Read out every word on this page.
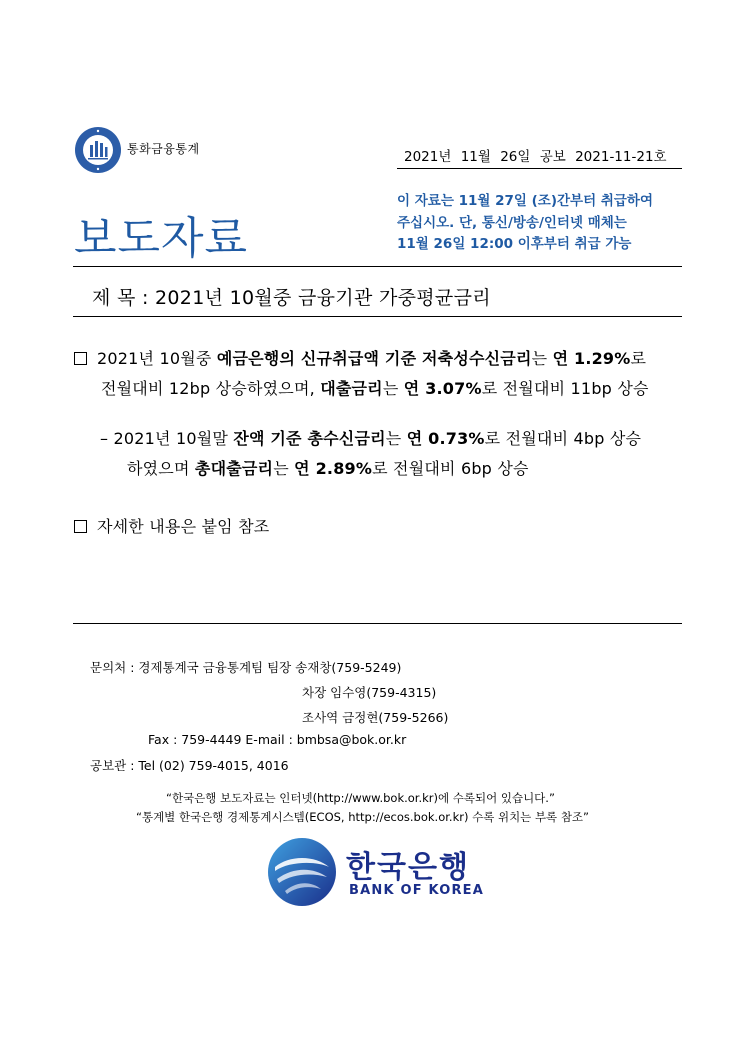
통화금융통계	2021년 11월 26일 공보 2021-11-21호
보도자료
이 자료는 11월 27일 (조)간부터 취급하여
주십시오. 단, 통신/방송/인터넷 매체는
11월 26일 12:00 이후부터 취급 가능
제 목 : 2021년 10월중 금융기관 가중평균금리
2021년 10월중 예금은행의 신규취급액 기준 저축성수신금리는 연 1.29%로
전월대비 12bp 상승하였으며, 대출금리는 연 3.07%로 전월대비 11bp 상승
– 2021년 10월말 잔액 기준 총수신금리는 연 0.73%로 전월대비 4bp 상승
하였으며 총대출금리는 연 2.89%로 전월대비 6bp 상승
자세한 내용은 붙임 참조
문의처 : 경제통계국 금융통계팀 팀장 송재창(759-5249)
차장 임수영(759-4315)
조사역 금정현(759-5266)
Fax : 759-4449 E-mail : bmbsa@bok.or.kr
공보관 : Tel (02) 759-4015, 4016
“한국은행 보도자료는 인터넷(http://www.bok.or.kr)에 수록되어 있습니다.”
“통계별 한국은행 경제통계시스템(ECOS, http://ecos.bok.or.kr) 수록 위치는 부록 참조”
한국은행
BANK OF KOREA
